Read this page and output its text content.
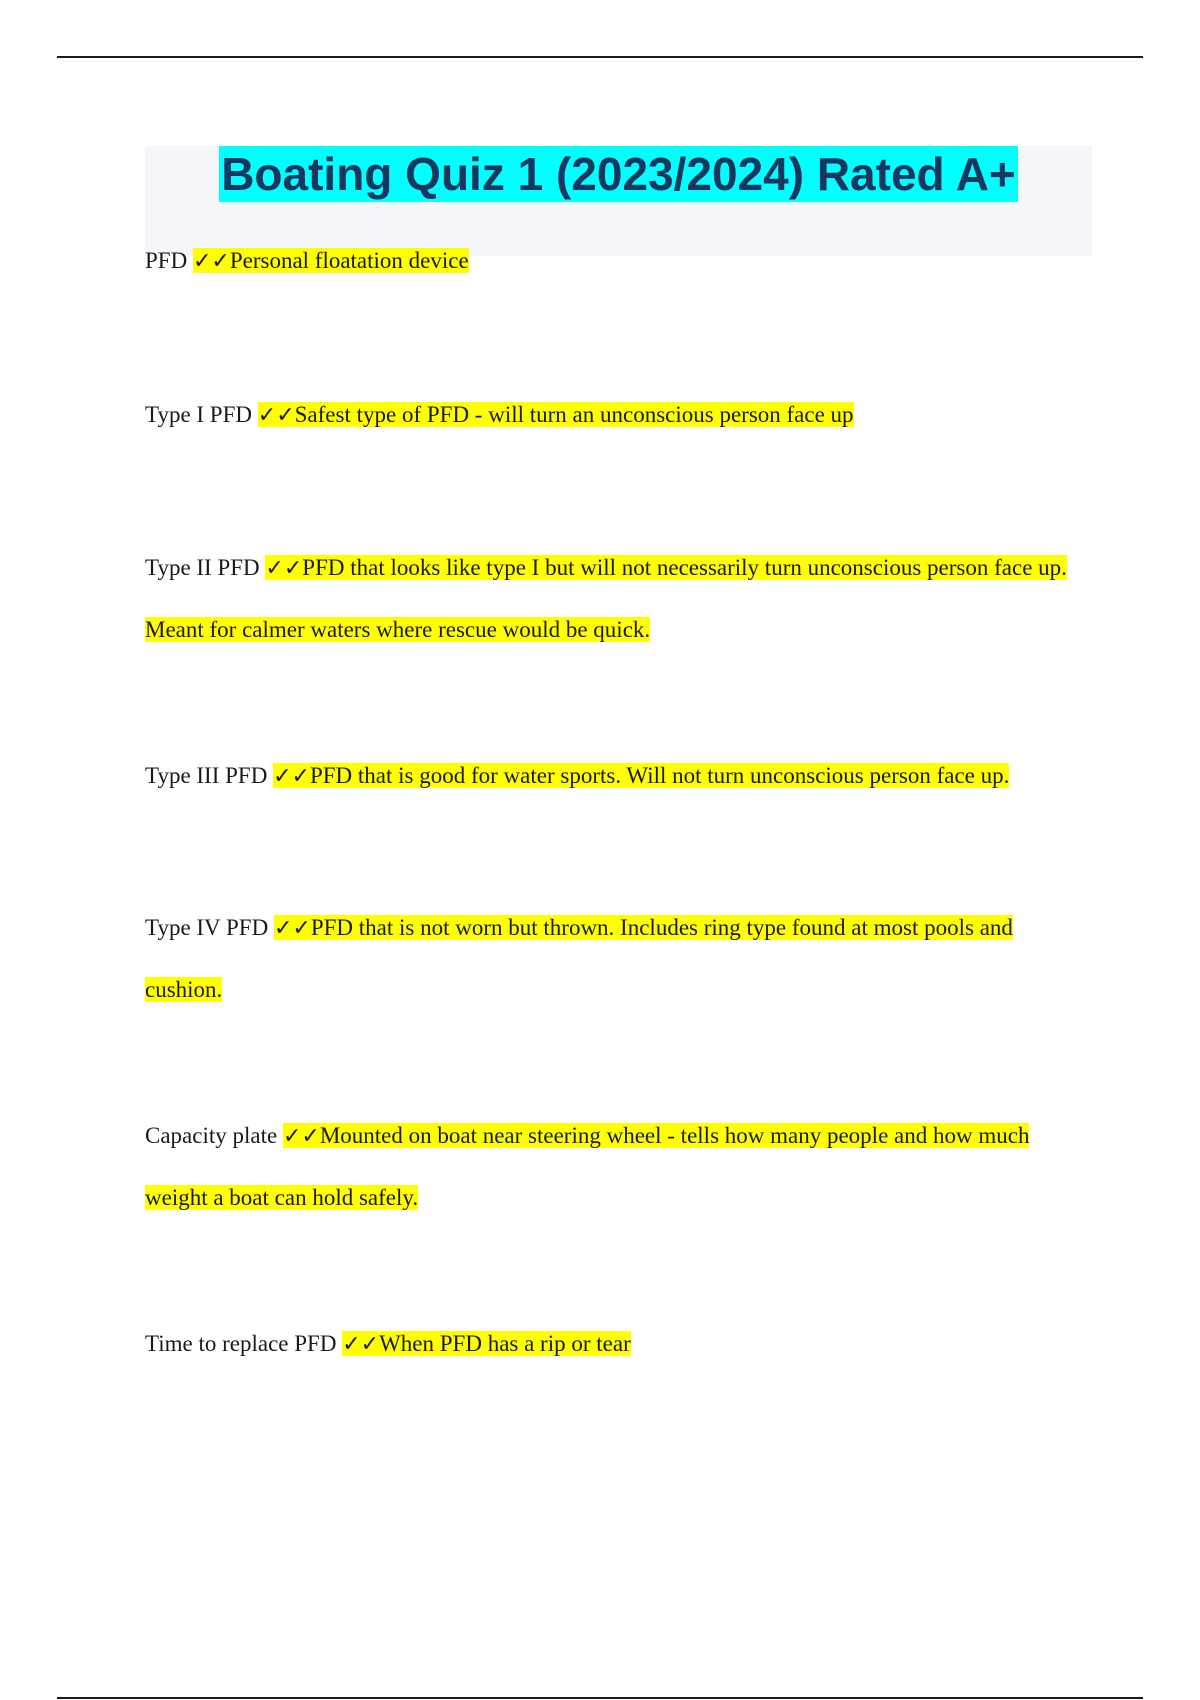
Boating Quiz 1 (2023/2024) Rated A+
PFD ✓✓Personal floatation device
Type I PFD ✓✓Safest type of PFD - will turn an unconscious person face up
Type II PFD ✓✓PFD that looks like type I but will not necessarily turn unconscious person face up. Meant for calmer waters where rescue would be quick.
Type III PFD ✓✓PFD that is good for water sports. Will not turn unconscious person face up.
Type IV PFD ✓✓PFD that is not worn but thrown. Includes ring type found at most pools and cushion.
Capacity plate ✓✓Mounted on boat near steering wheel - tells how many people and how much weight a boat can hold safely.
Time to replace PFD ✓✓When PFD has a rip or tear
